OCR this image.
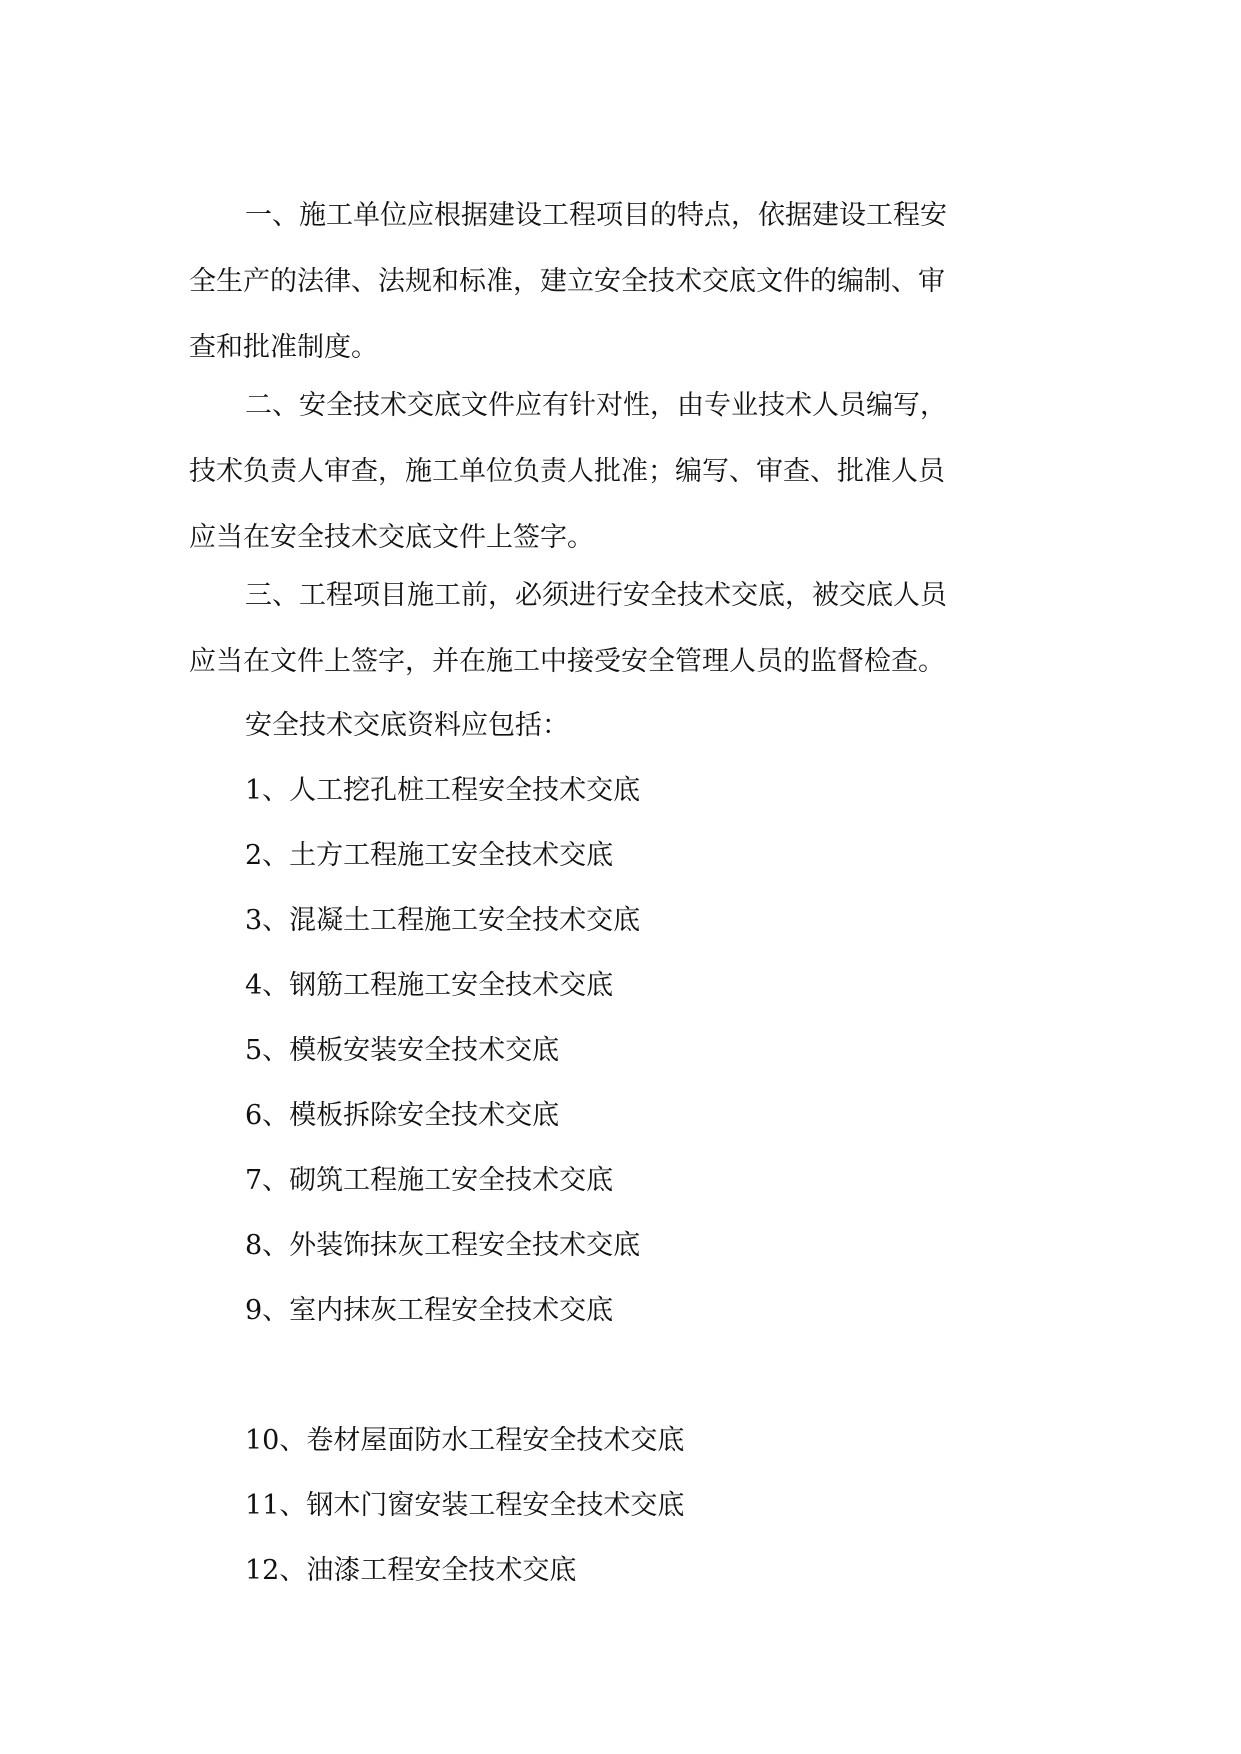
一、施工单位应根据建设工程项目的特点，依据建设工程安
全生产的法律、法规和标准，建立安全技术交底文件的编制、审
查和批准制度。
二、安全技术交底文件应有针对性，由专业技术人员编写，
技术负责人审查，施工单位负责人批准；编写、审查、批准人员
应当在安全技术交底文件上签字。
三、工程项目施工前，必须进行安全技术交底，被交底人员
应当在文件上签字，并在施工中接受安全管理人员的监督检查。
安全技术交底资料应包括：
1、人工挖孔桩工程安全技术交底
2、土方工程施工安全技术交底
3、混凝土工程施工安全技术交底
4、钢筋工程施工安全技术交底
5、模板安装安全技术交底
6、模板拆除安全技术交底
7、砌筑工程施工安全技术交底
8、外装饰抹灰工程安全技术交底
9、室内抹灰工程安全技术交底
10、卷材屋面防水工程安全技术交底
11、钢木门窗安装工程安全技术交底
12、油漆工程安全技术交底
